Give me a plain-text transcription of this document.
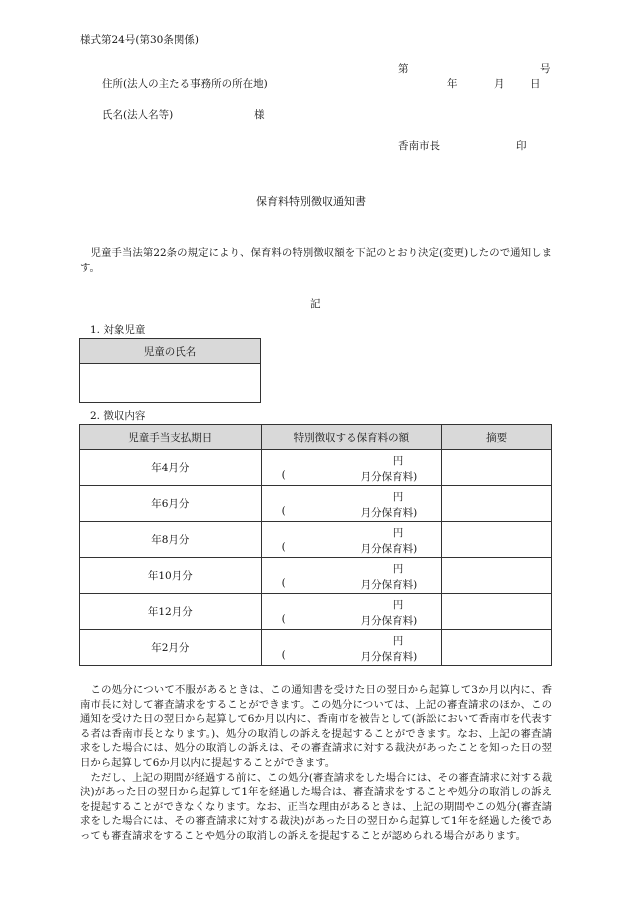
様式第24号(第30条関係)
第	号
住所(法人の主たる事務所の所在地)	年	月 日
氏名(法人名等)	様
香南市長	印
保育料特別徴収通知書

児童手当法第22条の規定により、保育料の特別徴収額を下記のとおり決定(変更)したので通知します。

記
1. 対象児童
児童の氏名

2. 徴収内容
児童手当支払期日	特別徴収する保育料の額	摘要
年4月分	円
( 月分保育料)	

年6月分	円
( 月分保育料)	

年8月分	円
( 月分保育料)	

年10月分	円
( 月分保育料)	

年12月分	円
( 月分保育料)	

年2月分	円
( 月分保育料)	

この処分について不服があるときは、この通知書を受けた日の翌日から起算して3か月以内に、香南市長に対して審査請求をすることができます。この処分については、上記の審査請求のほか、この通知を受けた日の翌日から起算して6か月以内に、香南市を被告として(訴訟において香南市を代表する者は香南市長となります。)、処分の取消しの訴えを提起することができます。なお、上記の審査請求をした場合には、処分の取消しの訴えは、その審査請求に対する裁決があったことを知った日の翌日から起算して6か月以内に提起することができます。

ただし、上記の期間が経過する前に、この処分(審査請求をした場合には、その審査請求に対する裁決)があった日の翌日から起算して1年を経過した場合は、審査請求をすることや処分の取消しの訴えを提起することができなくなります。なお、正当な理由があるときは、上記の期間やこの処分(審査請求をした場合には、その審査請求に対する裁決)があった日の翌日から起算して1年を経過した後であっても審査請求をすることや処分の取消しの訴えを提起することが認められる場合があります。
